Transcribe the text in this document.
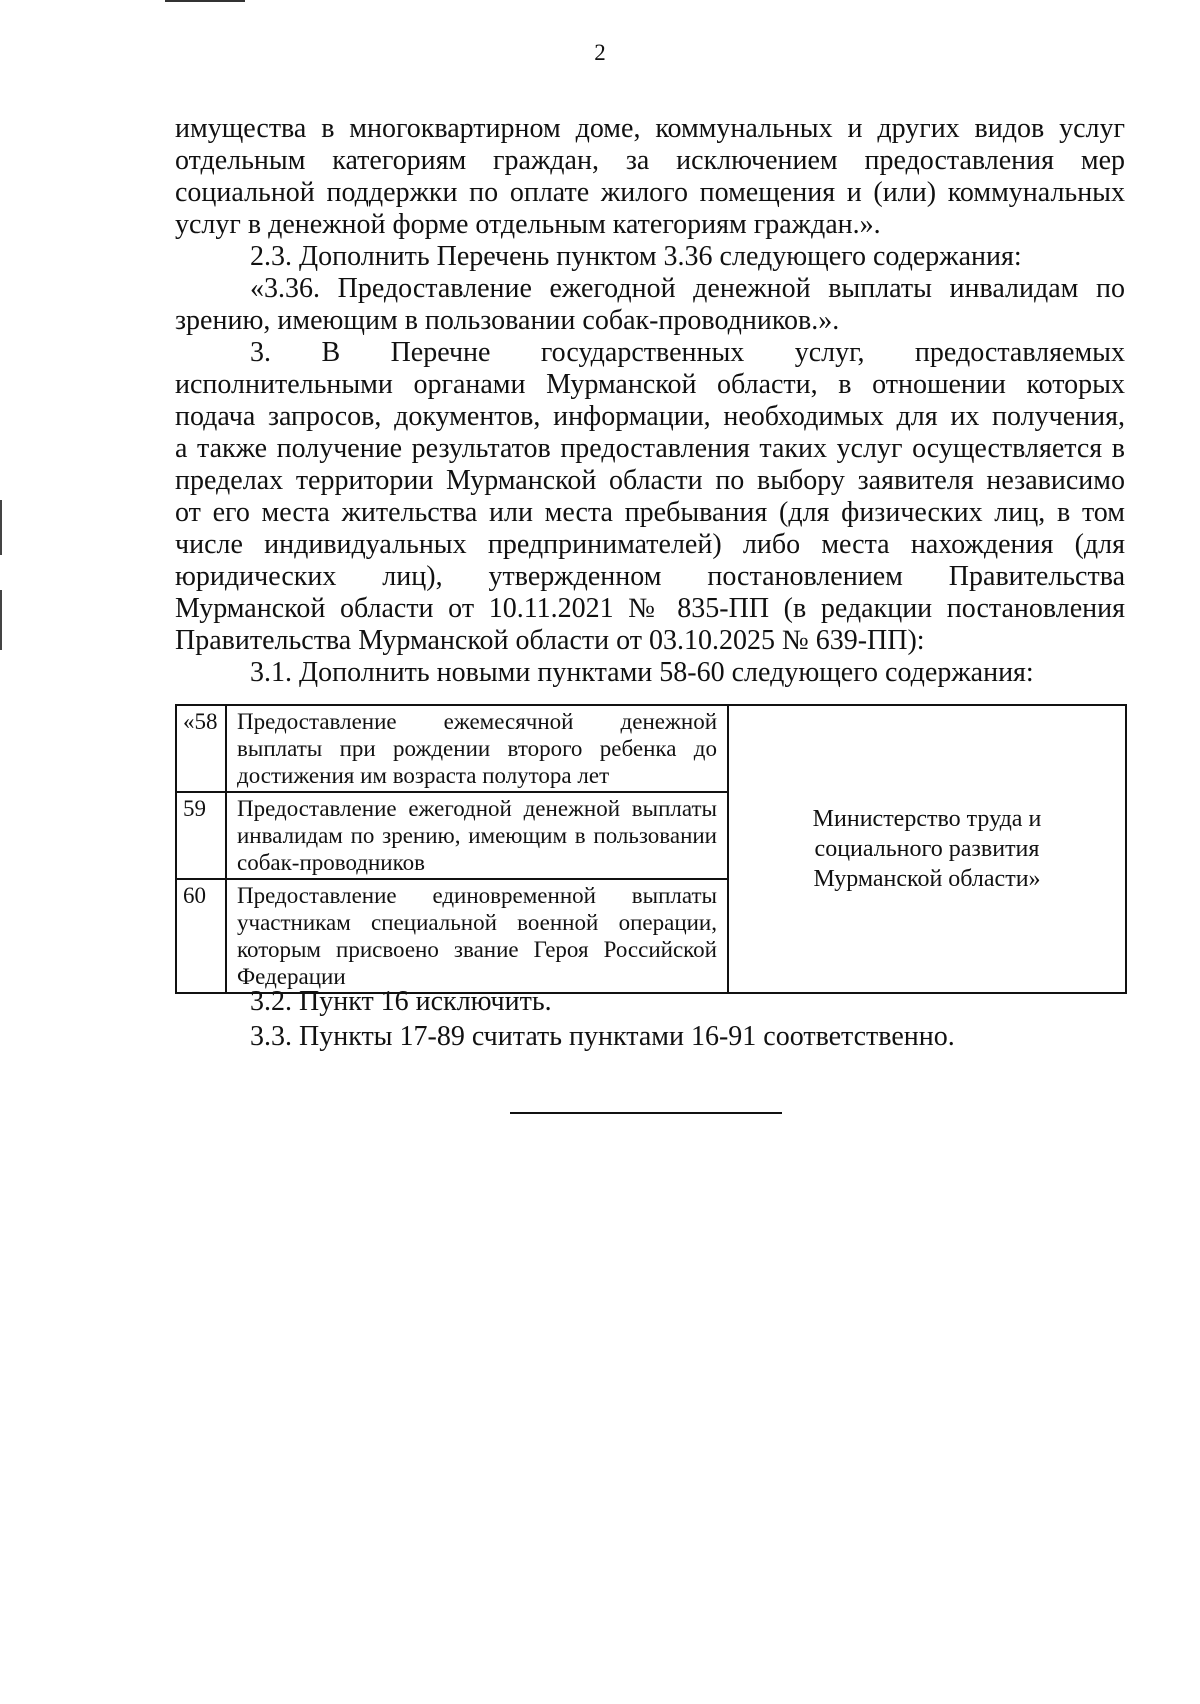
2

имущества в многоквартирном доме, коммунальных и других видов услуг
отдельным категориям граждан, за исключением предоставления мер
социальной поддержки по оплате жилого помещения и (или) коммунальных
услуг в денежной форме отдельным категориям граждан.».

2.3. Дополнить Перечень пунктом 3.36 следующего содержания:

«3.36. Предоставление ежегодной денежной выплаты инвалидам по
зрению, имеющим в пользовании собак-проводников.».

3. В Перечне государственных услуг, предоставляемых
исполнительными органами Мурманской области, в отношении которых
подача запросов, документов, информации, необходимых для их получения,
а также получение результатов предоставления таких услуг осуществляется в
пределах территории Мурманской области по выбору заявителя независимо
от его места жительства или места пребывания (для физических лиц, в том
числе индивидуальных предпринимателей) либо места нахождения (для
юридических лиц), утвержденном постановлением Правительства
Мурманской области от 10.11.2021 № 835-ПП (в редакции постановления
Правительства Мурманской области от 03.10.2025 № 639-ПП):

3.1. Дополнить новыми пунктами 58-60 следующего содержания:

«58	Предоставление ежемесячной денежной выплаты при рождении второго ребенка до достижения им возраста полутора лет	Министерство труда и
социального развития
Мурманской области»

59	Предоставление ежегодной денежной выплаты инвалидам по зрению, имеющим в пользовании собак-проводников	
60	Предоставление единовременной выплаты участникам специальной военной операции, которым присвоено звание Героя Российской Федерации	

3.2. Пункт 16 исключить.

3.3. Пункты 17-89 считать пунктами 16-91 соответственно.
